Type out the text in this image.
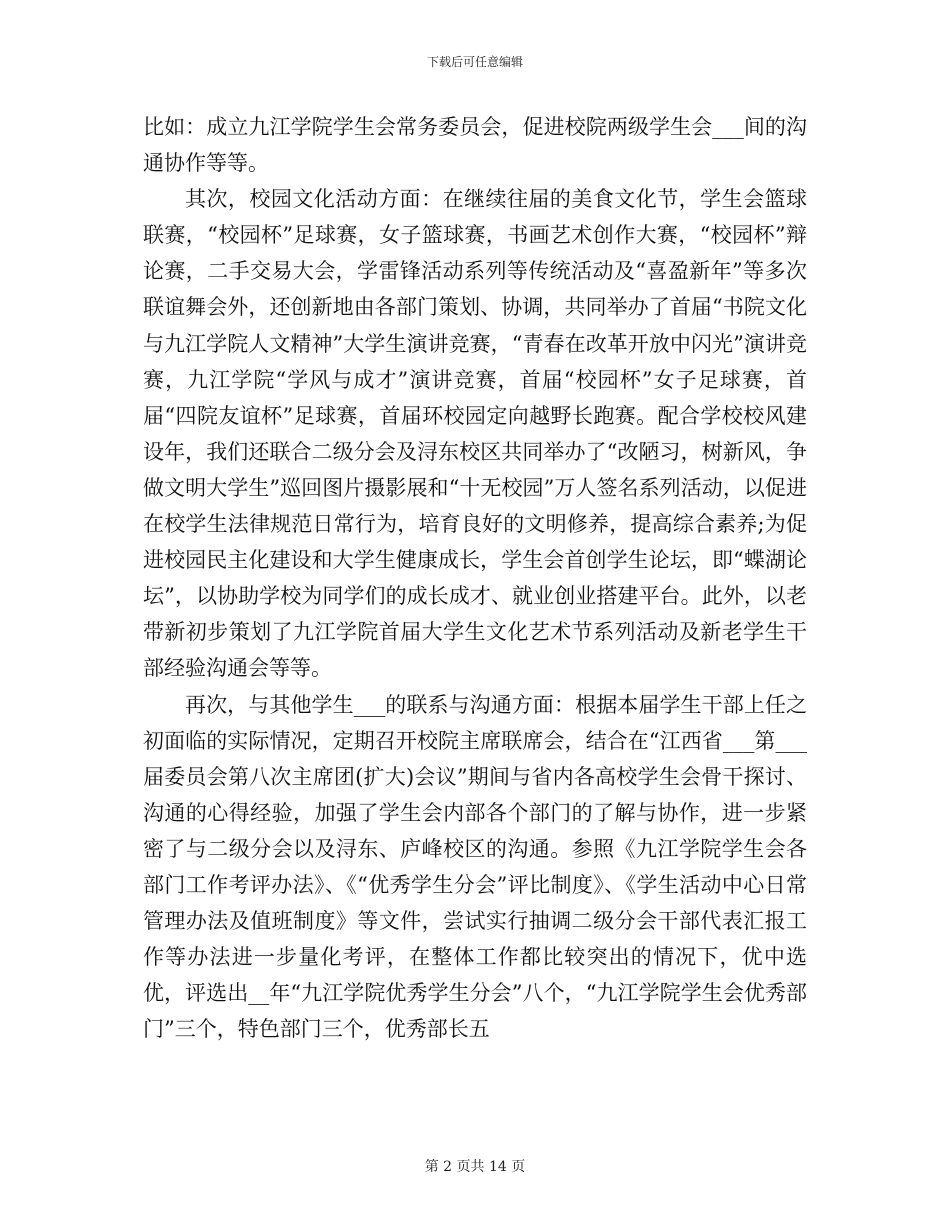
下载后可任意编辑

比如：成立九江学院学生会常务委员会，促进校院两级学生会___间的沟通协作等等。

其次，校园文化活动方面：在继续往届的美食文化节，学生会篮球联赛，“校园杯”足球赛，女子篮球赛，书画艺术创作大赛，“校园杯”辩论赛，二手交易大会，学雷锋活动系列等传统活动及“喜盈新年”等多次联谊舞会外，还创新地由各部门策划、协调，共同举办了首届“书院文化与九江学院人文精神”大学生演讲竞赛，“青春在改革开放中闪光”演讲竞赛，九江学院“学风与成才”演讲竞赛，首届“校园杯”女子足球赛，首届“四院友谊杯”足球赛，首届环校园定向越野长跑赛。配合学校校风建设年，我们还联合二级分会及浔东校区共同举办了“改陋习，树新风，争做文明大学生”巡回图片摄影展和“十无校园”万人签名系列活动，以促进在校学生法律规范日常行为，培育良好的文明修养，提高综合素养;为促进校园民主化建设和大学生健康成长，学生会首创学生论坛，即“蝶湖论坛”，以协助学校为同学们的成长成才、就业创业搭建平台。此外，以老带新初步策划了九江学院首届大学生文化艺术节系列活动及新老学生干部经验沟通会等等。

再次，与其他学生___的联系与沟通方面：根据本届学生干部上任之初面临的实际情况，定期召开校院主席联席会，结合在“江西省___第___届委员会第八次主席团(扩大)会议”期间与省内各高校学生会骨干探讨、沟通的心得经验，加强了学生会内部各个部门的了解与协作，进一步紧密了与二级分会以及浔东、庐峰校区的沟通。参照《九江学院学生会各部门工作考评办法》、《“优秀学生分会”评比制度》、《学生活动中心日常管理办法及值班制度》等文件，尝试实行抽调二级分会干部代表汇报工作等办法进一步量化考评，在整体工作都比较突出的情况下，优中选优，评选出__年“九江学院优秀学生分会”八个，“九江学院学生会优秀部门”三个，特色部门三个，优秀部长五

第 2 页共 14 页
